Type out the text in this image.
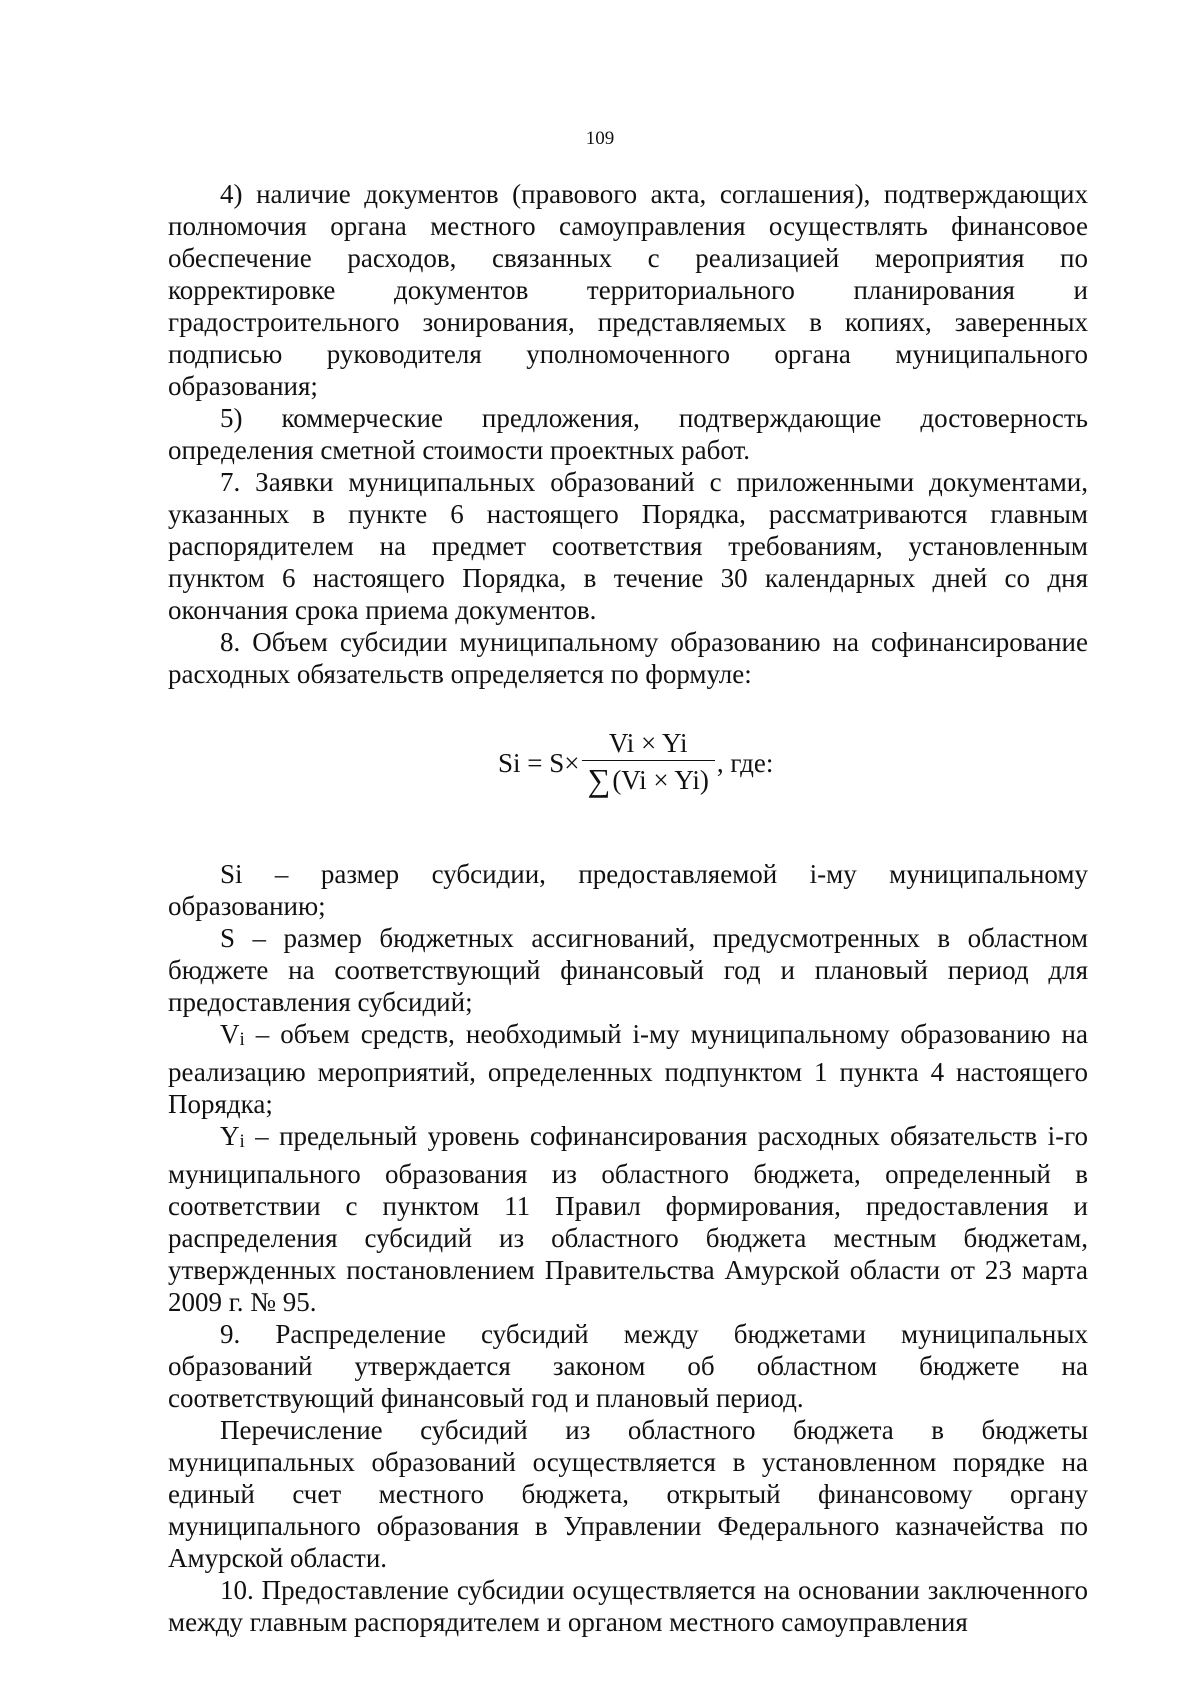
109

4) наличие документов (правового акта, соглашения), подтверждающих полномочия органа местного самоуправления осуществлять финансовое обеспечение расходов, связанных с реализацией мероприятия по корректировке документов территориального планирования и градостроительного зонирования, представляемых в копиях, заверенных подписью руководителя уполномоченного органа муниципального образования;

5) коммерческие предложения, подтверждающие достоверность определения сметной стоимости проектных работ.

7. Заявки муниципальных образований с приложенными документами, указанных в пункте 6 настоящего Порядка, рассматриваются главным распорядителем на предмет соответствия требованиям, установленным пунктом 6 настоящего Порядка, в течение 30 календарных дней со дня окончания срока приема документов.

8. Объем субсидии муниципальному образованию на софинансирование расходных обязательств определяется по формуле:

$Si = S\times \frac{Vi \times Yi}{\sum (Vi \times Yi)}$ , где:

Si – размер субсидии, предоставляемой i-му муниципальному образованию;

S – размер бюджетных ассигнований, предусмотренных в областном бюджете на соответствующий финансовый год и плановый период для предоставления субсидий;

Vi – объем средств, необходимый i-му муниципальному образованию на реализацию мероприятий, определенных подпунктом 1 пункта 4 настоящего Порядка;

Yi – предельный уровень софинансирования расходных обязательств i-го муниципального образования из областного бюджета, определенный в соответствии с пунктом 11 Правил формирования, предоставления и распределения субсидий из областного бюджета местным бюджетам, утвержденных постановлением Правительства Амурской области от 23 марта 2009 г. № 95.

9. Распределение субсидий между бюджетами муниципальных образований утверждается законом об областном бюджете на соответствующий финансовый год и плановый период.

Перечисление субсидий из областного бюджета в бюджеты муниципальных образований осуществляется в установленном порядке на единый счет местного бюджета, открытый финансовому органу муниципального образования в Управлении Федерального казначейства по Амурской области.

10. Предоставление субсидии осуществляется на основании заключенного между главным распорядителем и органом местного самоуправления
